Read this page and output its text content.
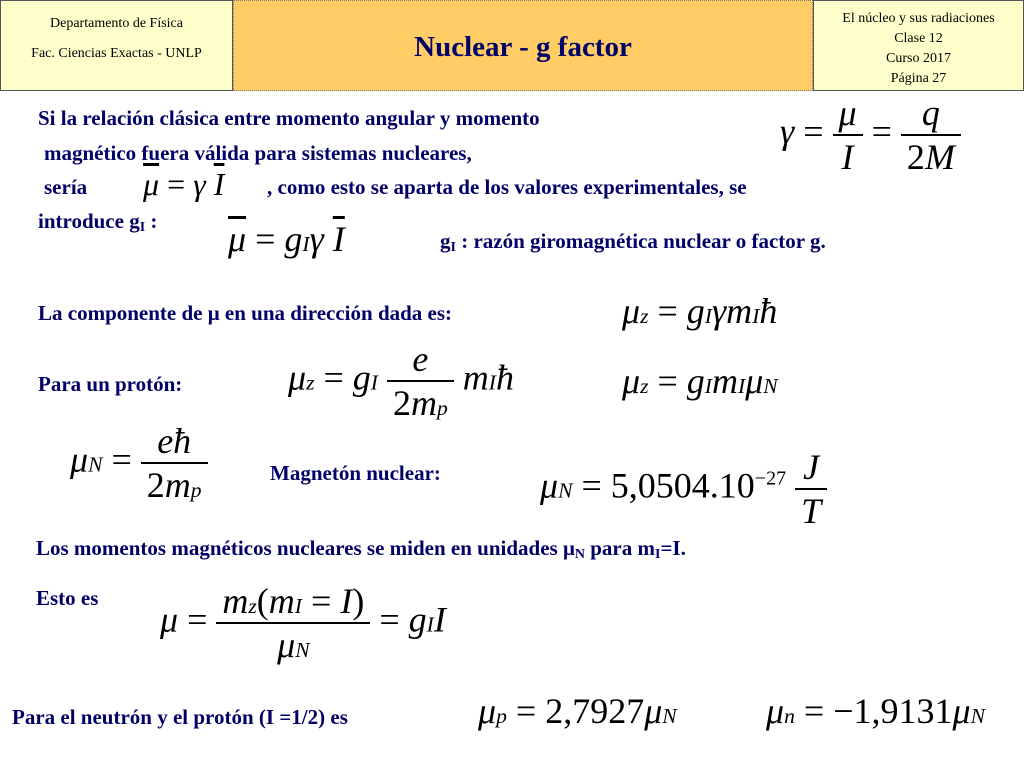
Departamento de Física
Fac. Ciencias Exactas - UNLP	Nuclear - g factor
El núcleo y sus radiaciones
Clase 12
Curso 2017
Página 27
Si la relación clásica entre momento angular y momento
magnético fuera válida para sistemas nucleares,
sería	, como esto se aparta de los valores experimentales, se
introduce $g_I$ :
$g_I$ : razón giromagnética nuclear o factor g.
La componente de μ en una dirección dada es:
Para un protón:
Magnetón nuclear:
Los momentos magnéticos nucleares se miden en unidades $\mu_N$ para $m_I=I$.
Esto es
Para el neutrón y el protón (I =1/2) es
$\gamma = \frac{\mu}{I} = \frac{q}{2M}$
$\overline{\mu} = \gamma$ $\overline{I}$
$\overline{\mu} = gI\gamma$ $\overline{I}$
μz = gIγmIħ
μz = gImIμN
μz = gI $\frac{e}{2mp}$ mIħ
$\mu N = \frac{eħ}{2mp}$	$\mu N = 5,0504.10^{-27} \frac{J}{T}$
$\mu = \frac{mz(mI = I)}{\mu N}$ = gII
μp = 2,7927μN μn = −1,9131μN
